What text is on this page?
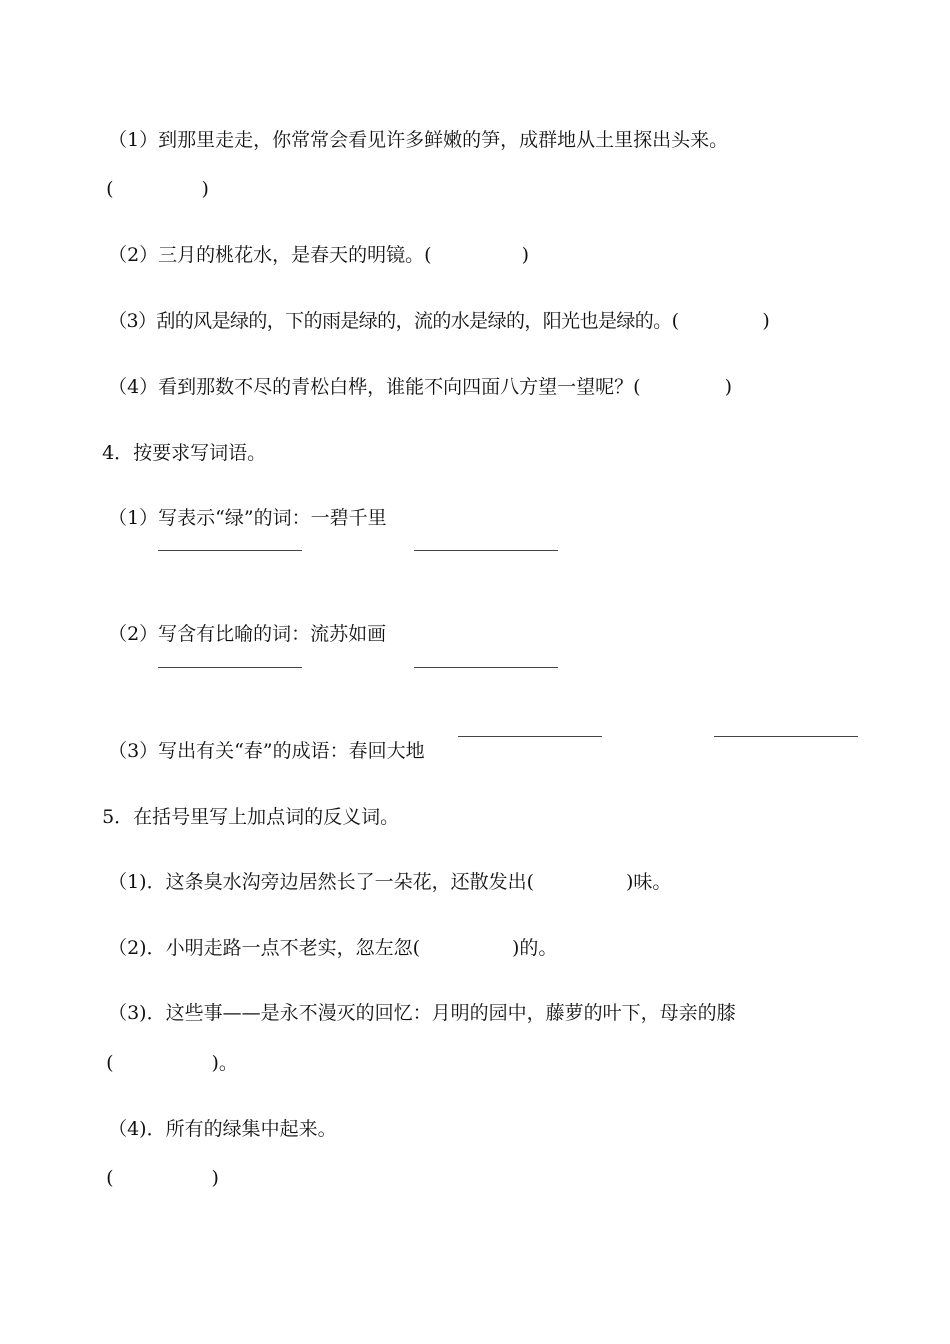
（1）到那里走走，你常常会看见许多鲜嫩的笋，成群地从土里探出头来。

(	)

（2）三月的桃花水，是春天的明镜。(	)

（3）刮的风是绿的，下的雨是绿的，流的水是绿的，阳光也是绿的。(	)

（4）看到那数不尽的青松白桦，谁能不向四面八方望一望呢？(	)

4．按要求写词语。

（1）写表示“绿”的词：一碧千里

（2）写含有比喻的词：流苏如画

（3）写出有关“春”的成语：春回大地

5．在括号里写上加点词的反义词。

（1)．这条臭水沟旁边居然长了一朵花，还散发出(	)味。

（2)．小明走路一点不老实，忽左忽(	)的。

（3)．这些事——是永不漫灭的回忆：月明的园中，藤萝的叶下，母亲的膝

(	)。

（4)．所有的绿集中起来。

(	)
